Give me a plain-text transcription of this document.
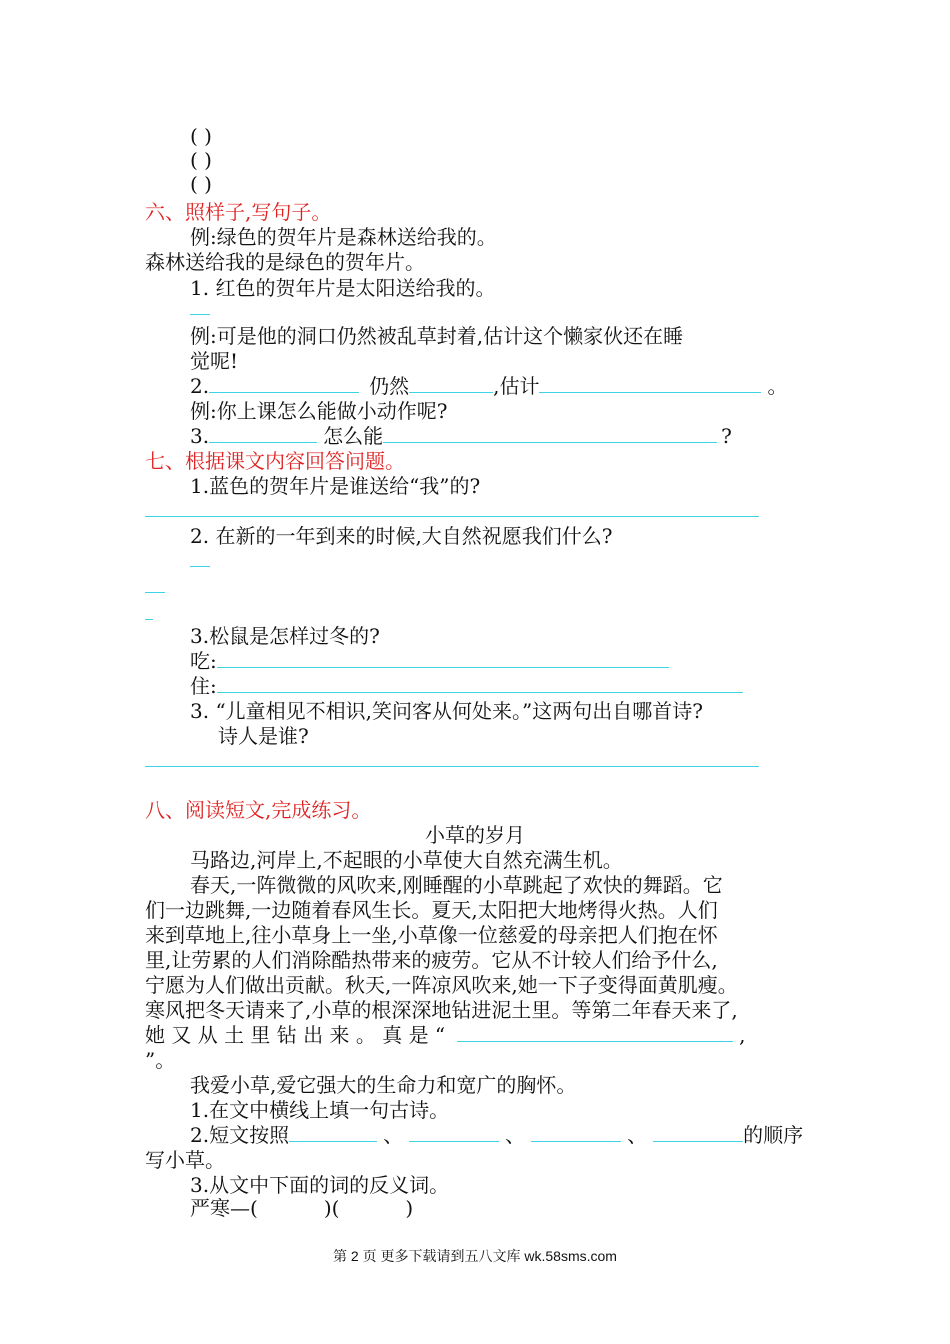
( )
( )
( )
六、照样子,写句子。
例:绿色的贺年片是森林送给我的。
森林送给我的是绿色的贺年片。
1. 红色的贺年片是太阳送给我的。
例:可是他的洞口仍然被乱草封着,估计这个懒家伙还在睡
觉呢!
2.	仍然	,估计	。
例:你上课怎么能做小动作呢?
3.	怎么能	?
七、根据课文内容回答问题。
1.蓝色的贺年片是谁送给“我”的?
2. 在新的一年到来的时候,大自然祝愿我们什么?
3.松鼠是怎样过冬的?
吃:
住:
3. “儿童相见不相识,笑问客从何处来。”这两句出自哪首诗?
诗人是谁?
八、阅读短文,完成练习。
小草的岁月
马路边,河岸上,不起眼的小草使大自然充满生机。
春天,一阵微微的风吹来,刚睡醒的小草跳起了欢快的舞蹈。它
们一边跳舞,一边随着春风生长。夏天,太阳把大地烤得火热。人们
来到草地上,往小草身上一坐,小草像一位慈爱的母亲把人们抱在怀
里,让劳累的人们消除酷热带来的疲劳。它从不计较人们给予什么,
宁愿为人们做出贡献。秋天,一阵凉风吹来,她一下子变得面黄肌瘦。
寒风把冬天请来了,小草的根深深地钻进泥土里。等第二年春天来了,
她 又 从 土 里 钻 出 来 。 真 是 “	,
”。
我爱小草,爱它强大的生命力和宽广的胸怀。
1.在文中横线上填一句古诗。
2.短文按照	、	、	、	的顺序
写小草。
3.从文中下面的词的反义词。
严寒—(	)(	)
第 2 页 更多下载请到五八文库 wk.58sms.com
